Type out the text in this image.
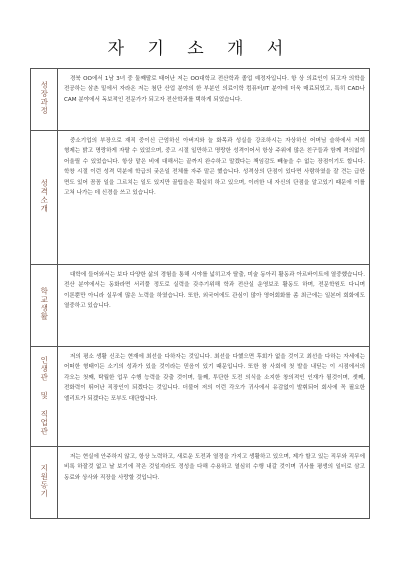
자 기 소 개 서
성장과정	경북 OO에서 1남 3녀 중 둘째딸로 태어난 저는 OO대학교 전산학과 졸업 예정자입니다. 항 상 의료인이 되고자 의학을 전공하는 삼촌 밑에서 자라온 저는 첨단 산업 분야의 한 부분인 의료이학 컴퓨터/IT 분야에 더욱 매료되었고, 특히 CAD나 CAM 분야에서 독보적인 전문가가 되고자 전산학과를 택하게 되었습니다.

성격소개	중소기업의 부장으로 재직 중이신 근엄하신 아버지와 늘 화목과 성실을 강조하시는 자상하신 어머님 슬하에서 저희 형제는 밝고 명랑하게 자랄 수 있었으며, 중고 시절 일만하고 명랑한 성격이어서 항상 주위에 많은 친구들과 함께 격의없이 어울릴 수 있었습니다. 항상 맡은 비에 대해서는 끝까지 완수하고 말겠다는 책임감도 빼놓을 수 없는 장점이기도 합니다. 학창 시절 이런 성격 덕분에 학급의 궂은일 전체를 자주 맡곤 했습니다. 성격상의 단점이 있다면 사람하였을 잘 견는 급한 면도 있어 꼼꼼 일을 그르치는 일도 있지만 꿀팁을은 확실히 하고 있으며, 이러한 내 자신의 단점을 알고있기 때문에 이를 고쳐 나가는 데 신경을 쓰고 있습니다.

학교생활	대학에 들어와서는 보다 다양한 삶의 경험을 통해 시야를 넓히고자 탈출, 미술 동아리 활동과 아르바이트에 열중했습니다. 전산 분야에서는 동화라면 서리풀 정도로 실력을 갖추기위해 학과 전산실 운영보조 활동도 하며, 전문학원도 다니며 이론뿐만 아니라 실무에 많은 노력을 하였습니다. 또한, 외국어에도 관심이 많아 영어회화를 좀 최근에는 일본어 회화에도 열중하고 있습니다.

인생관 및 직업관	저의 평소 생활 신조는 현재에 최선을 다하자는 것입니다. 최선을 다했으면 후회가 없을 것이고 최선을 다하는 자세에는 어떠한 형태이든 소기의 성과가 있을 것이라는 믿음이 있기 때문입니다. 또한 참 사회에 첫 발을 내딛는 이 시점에서의 각오는 첫째, 탁월한 업무 수행 능력을 갖출 것이며, 둘째, 투단한 도전 의식을 소지한 창의적인 인재가 될것이며, 셋째, 전화력이 뛰어난 직장인이 되겠다는 것입니다. 더불어 저의 이런 각오가 귀사에서 유감없이 발휘되어 회사에 꼭 필요한 엘리트가 되겠다는 포부도 대단합니다.

지원동기	저는 현실에 안주하지 않고, 항상 노력하고, 새로운 도전과 열정을 가지고 생활하고 있으며, 제가 할고 있는 직무와 직무에 비록 하잘것 없고 날 보기에 작은 것일지라도 정성을 다해 수용하고 열심히 수행 내갈 것이며 귀사를 평생의 일터로 삼고 동료와 상사와 직장을 사랑할 것입니다.
